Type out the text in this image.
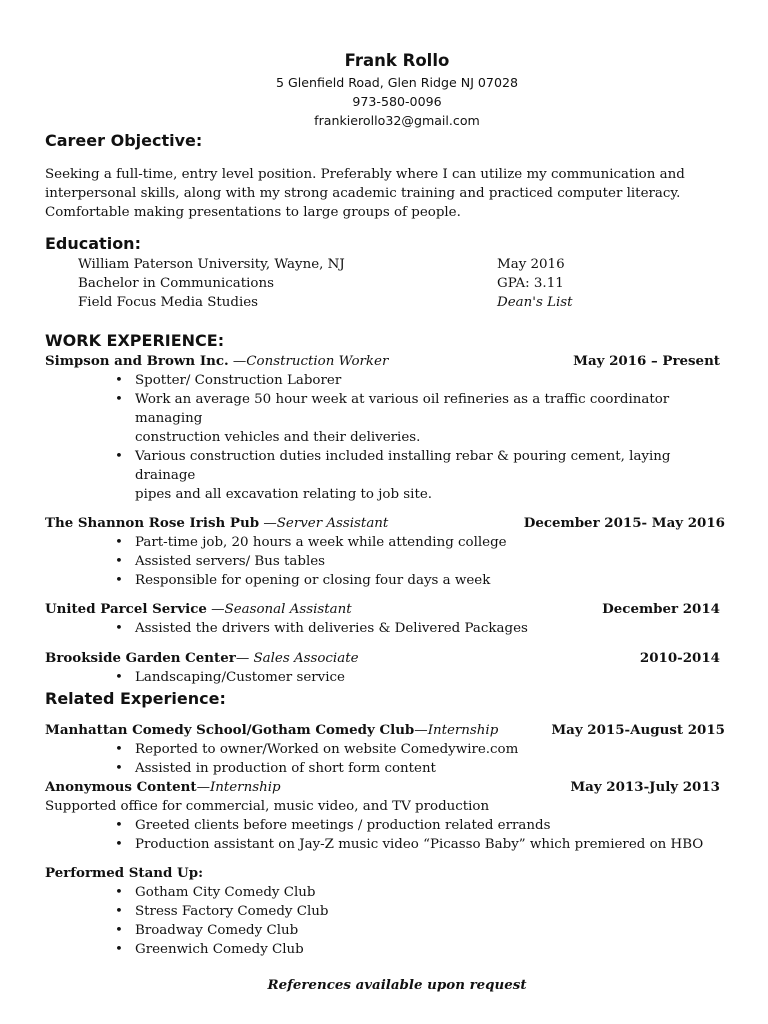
Frank Rollo
5 Glenfield Road, Glen Ridge NJ 07028
973-580-0096
frankierollo32@gmail.com
Career Objective:

Seeking a full-time, entry level position. Preferably where I can utilize my communication and

interpersonal skills, along with my strong academic training and practiced computer literacy.

Comfortable making presentations to large groups of people.

Education:
William Paterson University, Wayne, NJ	May 2016
Bachelor in Communications	GPA: 3.11
Field Focus Media Studies	Dean's List
WORK EXPERIENCE:
Simpson and Brown Inc. —Construction Worker	May 2016 – Present
• Spotter/ Construction Laborer
• Work an average 50 hour week at various oil refineries as a traffic coordinator managing
construction vehicles and their deliveries.
• Various construction duties included installing rebar & pouring cement, laying drainage
pipes and all excavation relating to job site.
The Shannon Rose Irish Pub —Server Assistant	December 2015- May 2016
• Part-time job, 20 hours a week while attending college
• Assisted servers/ Bus tables
• Responsible for opening or closing four days a week
United Parcel Service —Seasonal Assistant	December 2014
• Assisted the drivers with deliveries & Delivered Packages
Brookside Garden Center— Sales Associate	2010-2014
• Landscaping/Customer service
Related Experience:
Manhattan Comedy School/Gotham Comedy Club—Internship	May 2015-August 2015
• Reported to owner/Worked on website Comedywire.com
• Assisted in production of short form content
Anonymous Content—Internship	May 2013-July 2013
Supported office for commercial, music video, and TV production
• Greeted clients before meetings / production related errands
• Production assistant on Jay-Z music video “Picasso Baby” which premiered on HBO
Performed Stand Up:
• Gotham City Comedy Club
• Stress Factory Comedy Club
• Broadway Comedy Club
• Greenwich Comedy Club
References available upon request
